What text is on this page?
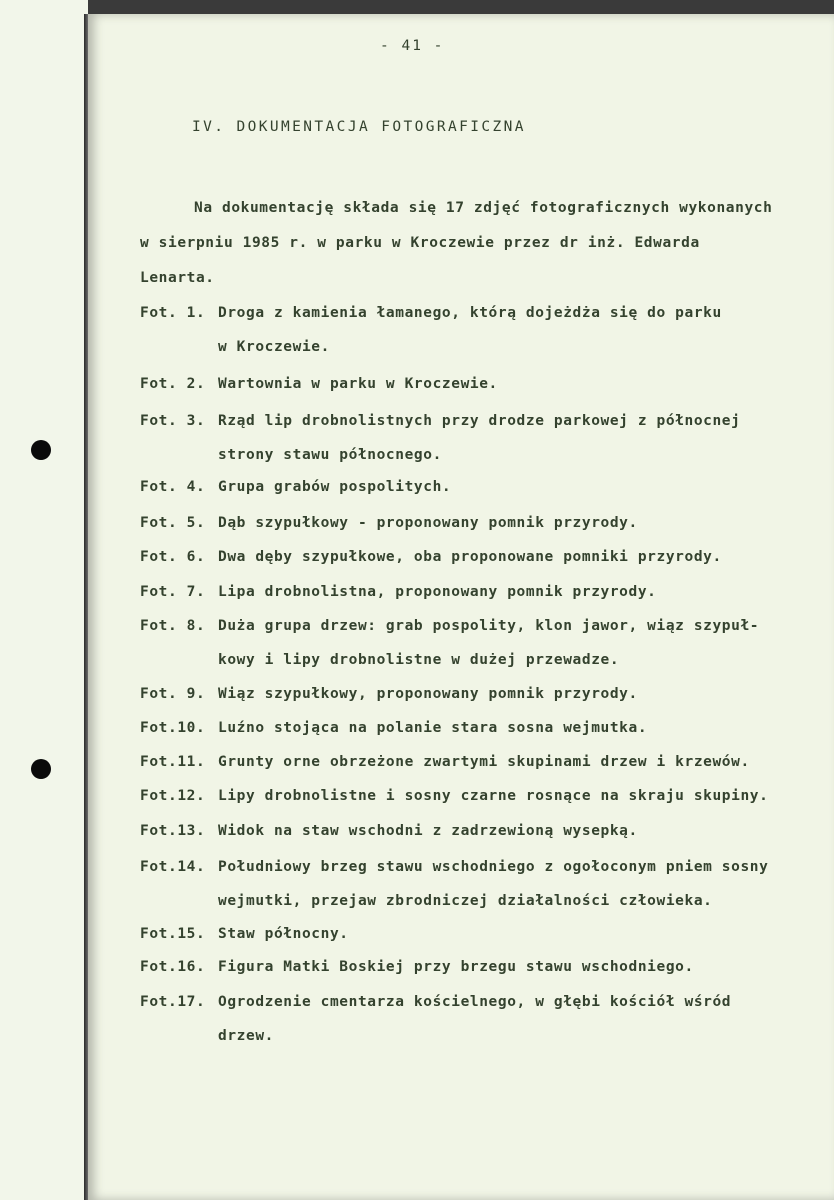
- 41 -
IV. DOKUMENTACJA FOTOGRAFICZNA
Na dokumentację składa się 17 zdjęć fotograficznych wykonanych
w sierpniu 1985 r. w parku w Kroczewie przez dr inż. Edwarda
Lenarta.
Fot. 1. Droga z kamienia łamanego, którą dojeżdża się do parku
w Kroczewie.
Fot. 2. Wartownia w parku w Kroczewie.
Fot. 3. Rząd lip drobnolistnych przy drodze parkowej z północnej
strony stawu północnego.
Fot. 4. Grupa grabów pospolitych.
Fot. 5. Dąb szypułkowy - proponowany pomnik przyrody.
Fot. 6. Dwa dęby szypułkowe, oba proponowane pomniki przyrody.
Fot. 7. Lipa drobnolistna, proponowany pomnik przyrody.
Fot. 8. Duża grupa drzew: grab pospolity, klon jawor, wiąz szypuł-
kowy i lipy drobnolistne w dużej przewadze.
Fot. 9. Wiąz szypułkowy, proponowany pomnik przyrody.
Fot.10. Luźno stojąca na polanie stara sosna wejmutka.
Fot.11. Grunty orne obrzeżone zwartymi skupinami drzew i krzewów.
Fot.12. Lipy drobnolistne i sosny czarne rosnące na skraju skupiny.
Fot.13. Widok na staw wschodni z zadrzewioną wysepką.
Fot.14. Południowy brzeg stawu wschodniego z ogołoconym pniem sosny
wejmutki, przejaw zbrodniczej działalności człowieka.
Fot.15. Staw północny.
Fot.16. Figura Matki Boskiej przy brzegu stawu wschodniego.
Fot.17. Ogrodzenie cmentarza kościelnego, w głębi kościół wśród
drzew.
